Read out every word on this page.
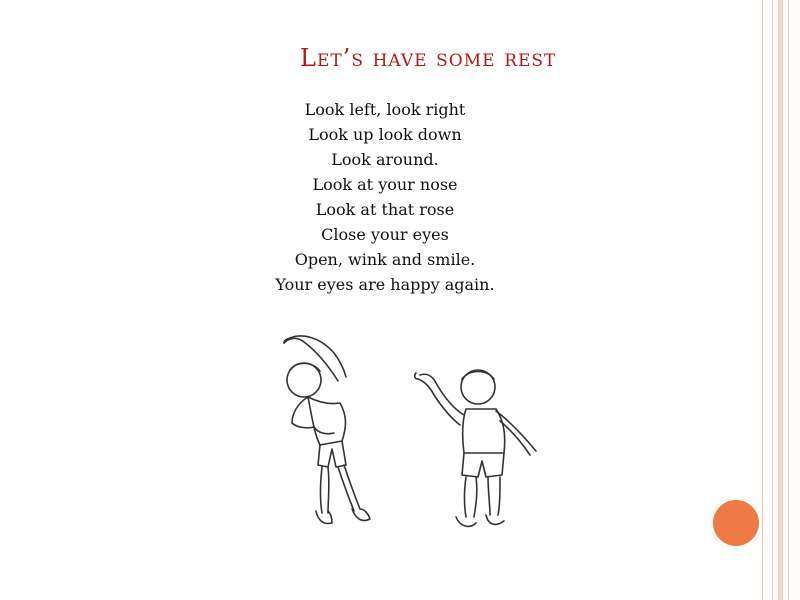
Let’s have some rest
Look left, look right
Look up look down
Look around.
Look at your nose
Look at that rose
Close your eyes
Open, wink and smile.
Your eyes are happy again.
